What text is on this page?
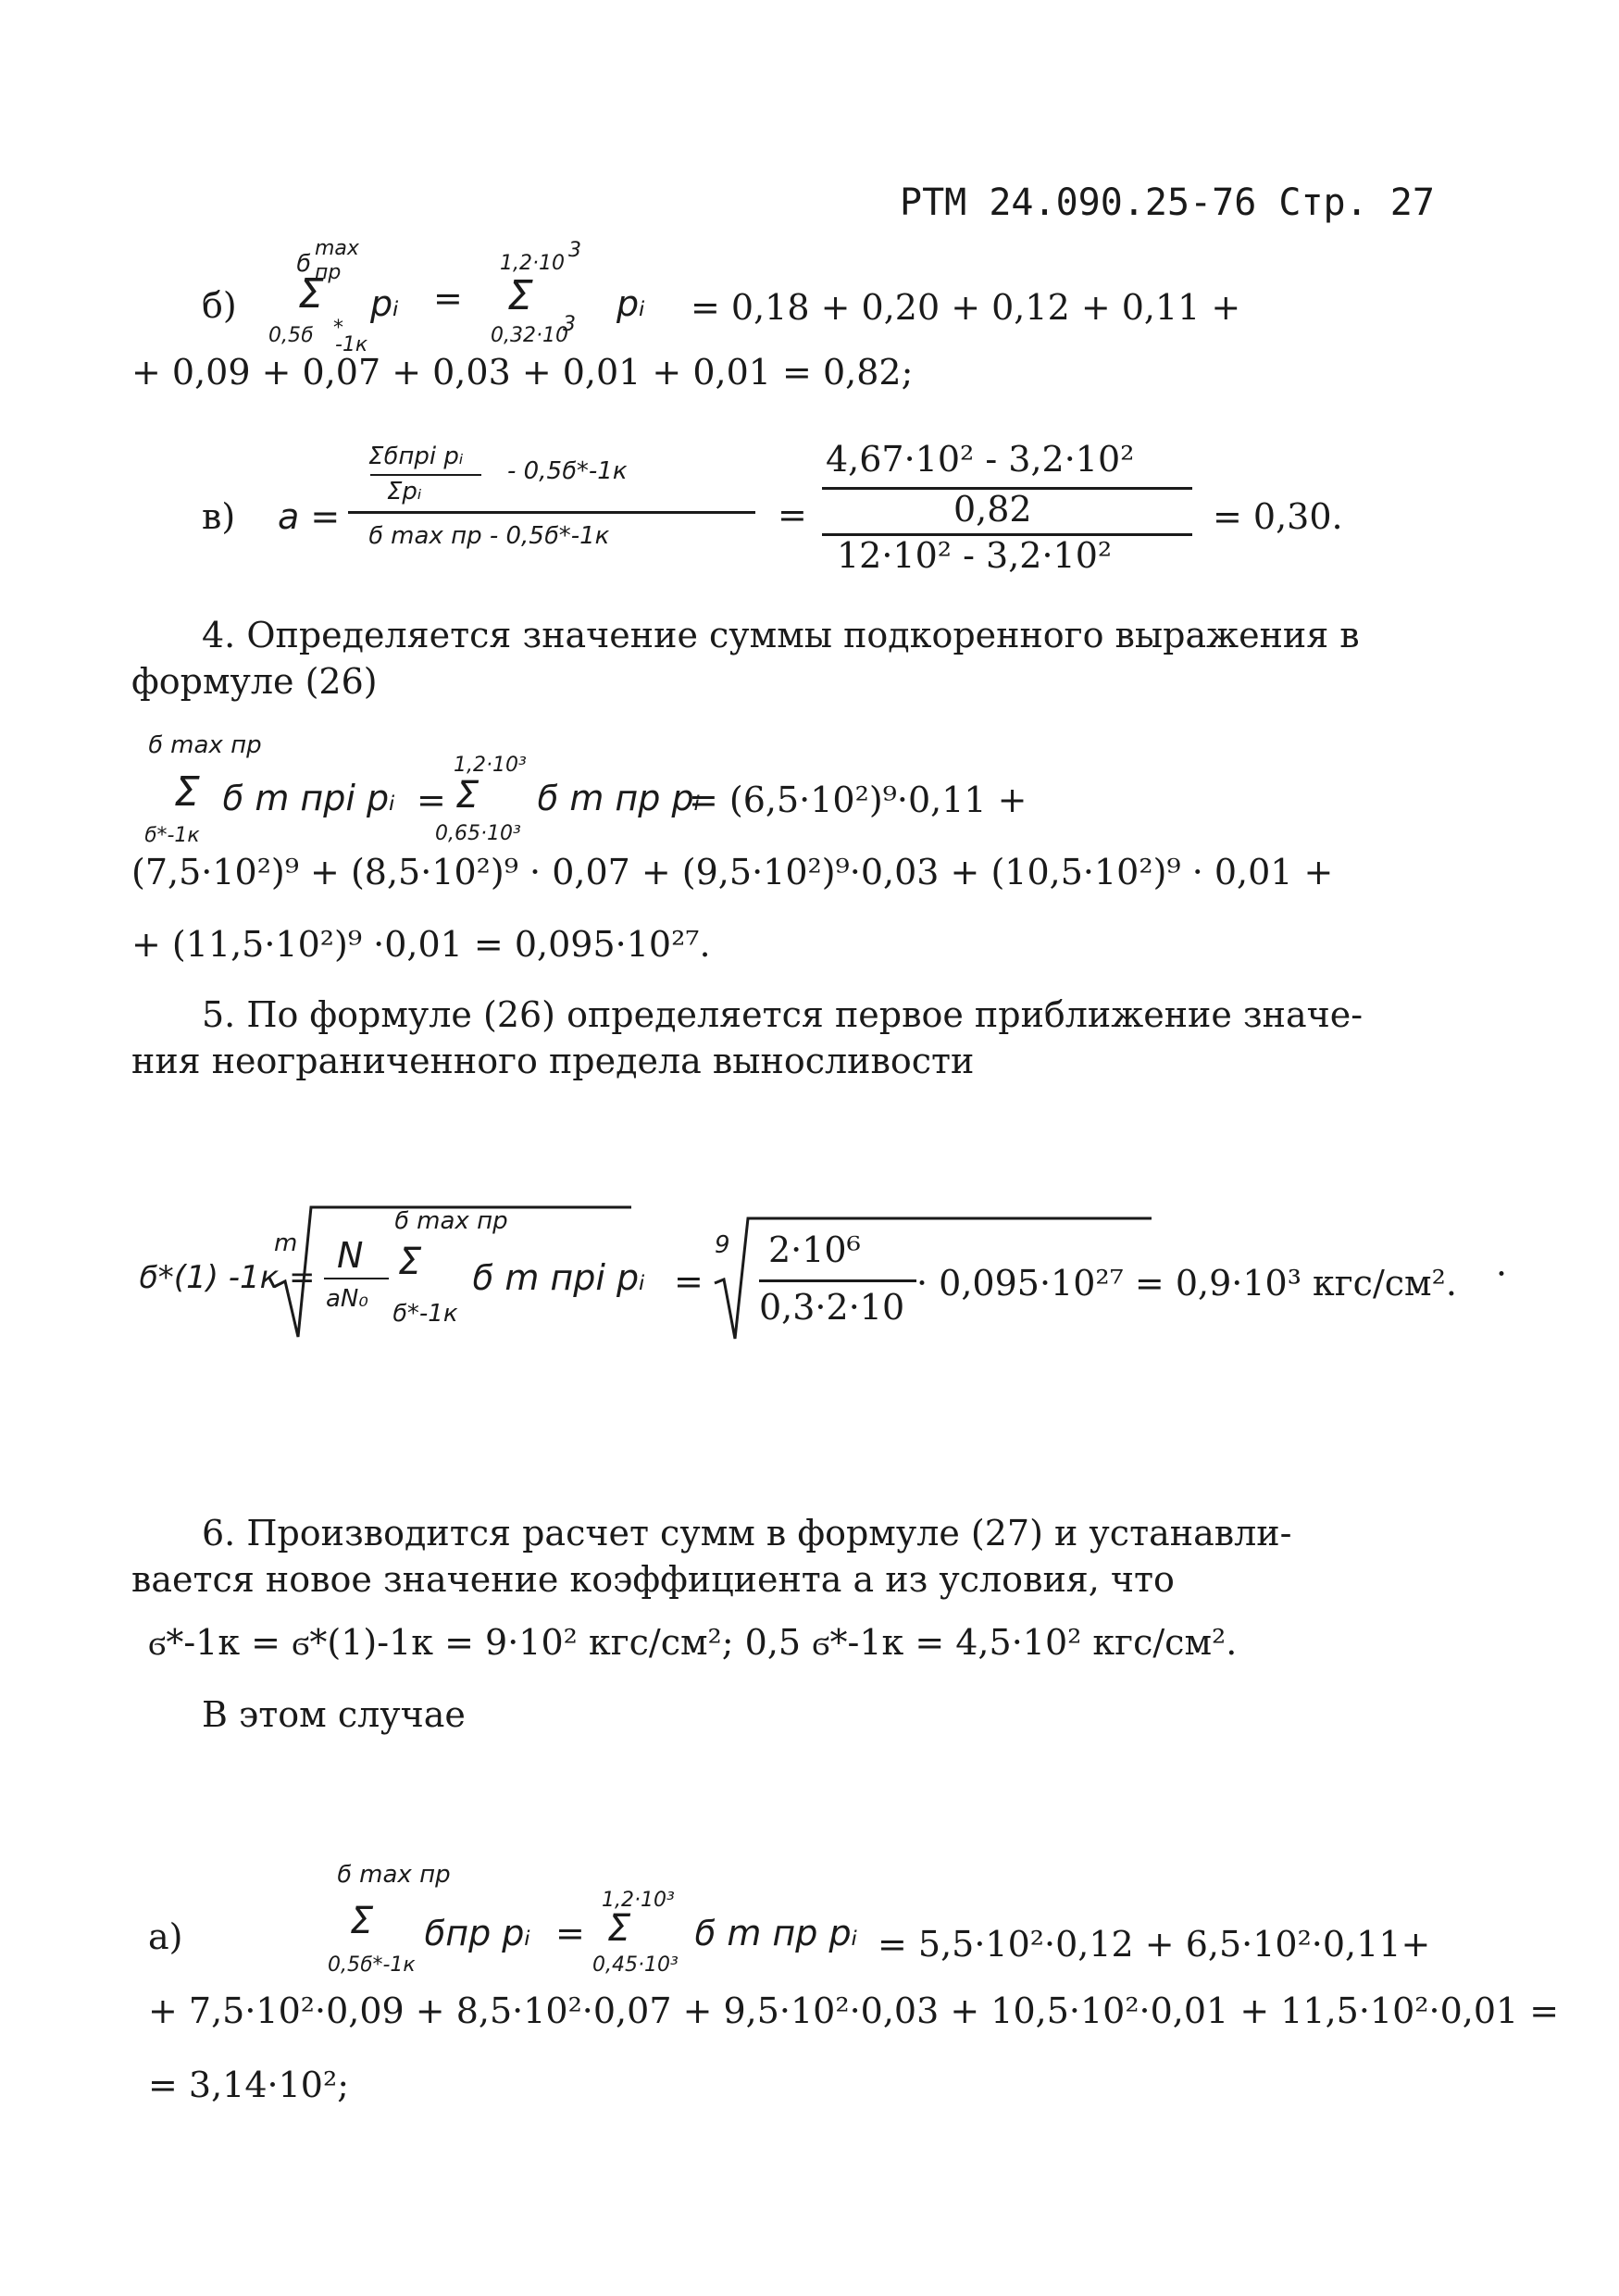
РТМ 24.090.25-76 Стр. 27
б)
ϭ
max
пр
Σ
0,5ϭ *
-1к
pᵢ =
1,2·10
3
Σ
0,32·10
3
pᵢ = 0,18 + 0,20 + 0,12 + 0,11 +
+ 0,09 + 0,07 + 0,03 + 0,01 + 0,01 = 0,82;
в) a =
Σϭпрi pᵢ
Σpᵢ
- 0,5ϭ*-1к
ϭ max пр - 0,5ϭ*-1к
=
4,67·10² - 3,2·10²
0,82
12·10² - 3,2·10²
= 0,30.
4. Определяется значение суммы подкоренного выражения в
формуле (26)
ϭ max пр
Σ
ϭ*-1к
ϭ m прi pᵢ =
1,2·10³
Σ
0,65·10³
ϭ m пр pᵢ
= (6,5·10²)⁹·0,11 +
(7,5·10²)⁹ + (8,5·10²)⁹ · 0,07 + (9,5·10²)⁹·0,03 + (10,5·10²)⁹ · 0,01 +
+ (11,5·10²)⁹ ·0,01 = 0,095·10²⁷.
5. По формуле (26) определяется первое приближение значе-
ния неограниченного предела выносливости
ϭ*(1) -1к =
m N
aN₀
ϭ max пр
Σ
ϭ*-1к
ϭ m прi pᵢ =
9 2·10⁶
0,3·2·10
· 0,095·10²⁷ = 0,9·10³ кгс/см². ·
6. Производится расчет сумм в формуле (27) и устанавли-
вается новое значение коэффициента a из условия, что
ϭ*-1к = ϭ*(1)-1к = 9·10² кгс/см²; 0,5 ϭ*-1к = 4,5·10² кгс/см².
В этом случае
а)
ϭ max пр
Σ
0,5ϭ*-1к
ϭпр pᵢ =
1,2·10³
Σ
0,45·10³
ϭ m пр pᵢ = 5,5·10²·0,12 + 6,5·10²·0,11+
+ 7,5·10²·0,09 + 8,5·10²·0,07 + 9,5·10²·0,03 + 10,5·10²·0,01 + 11,5·10²·0,01 =
= 3,14·10²;
